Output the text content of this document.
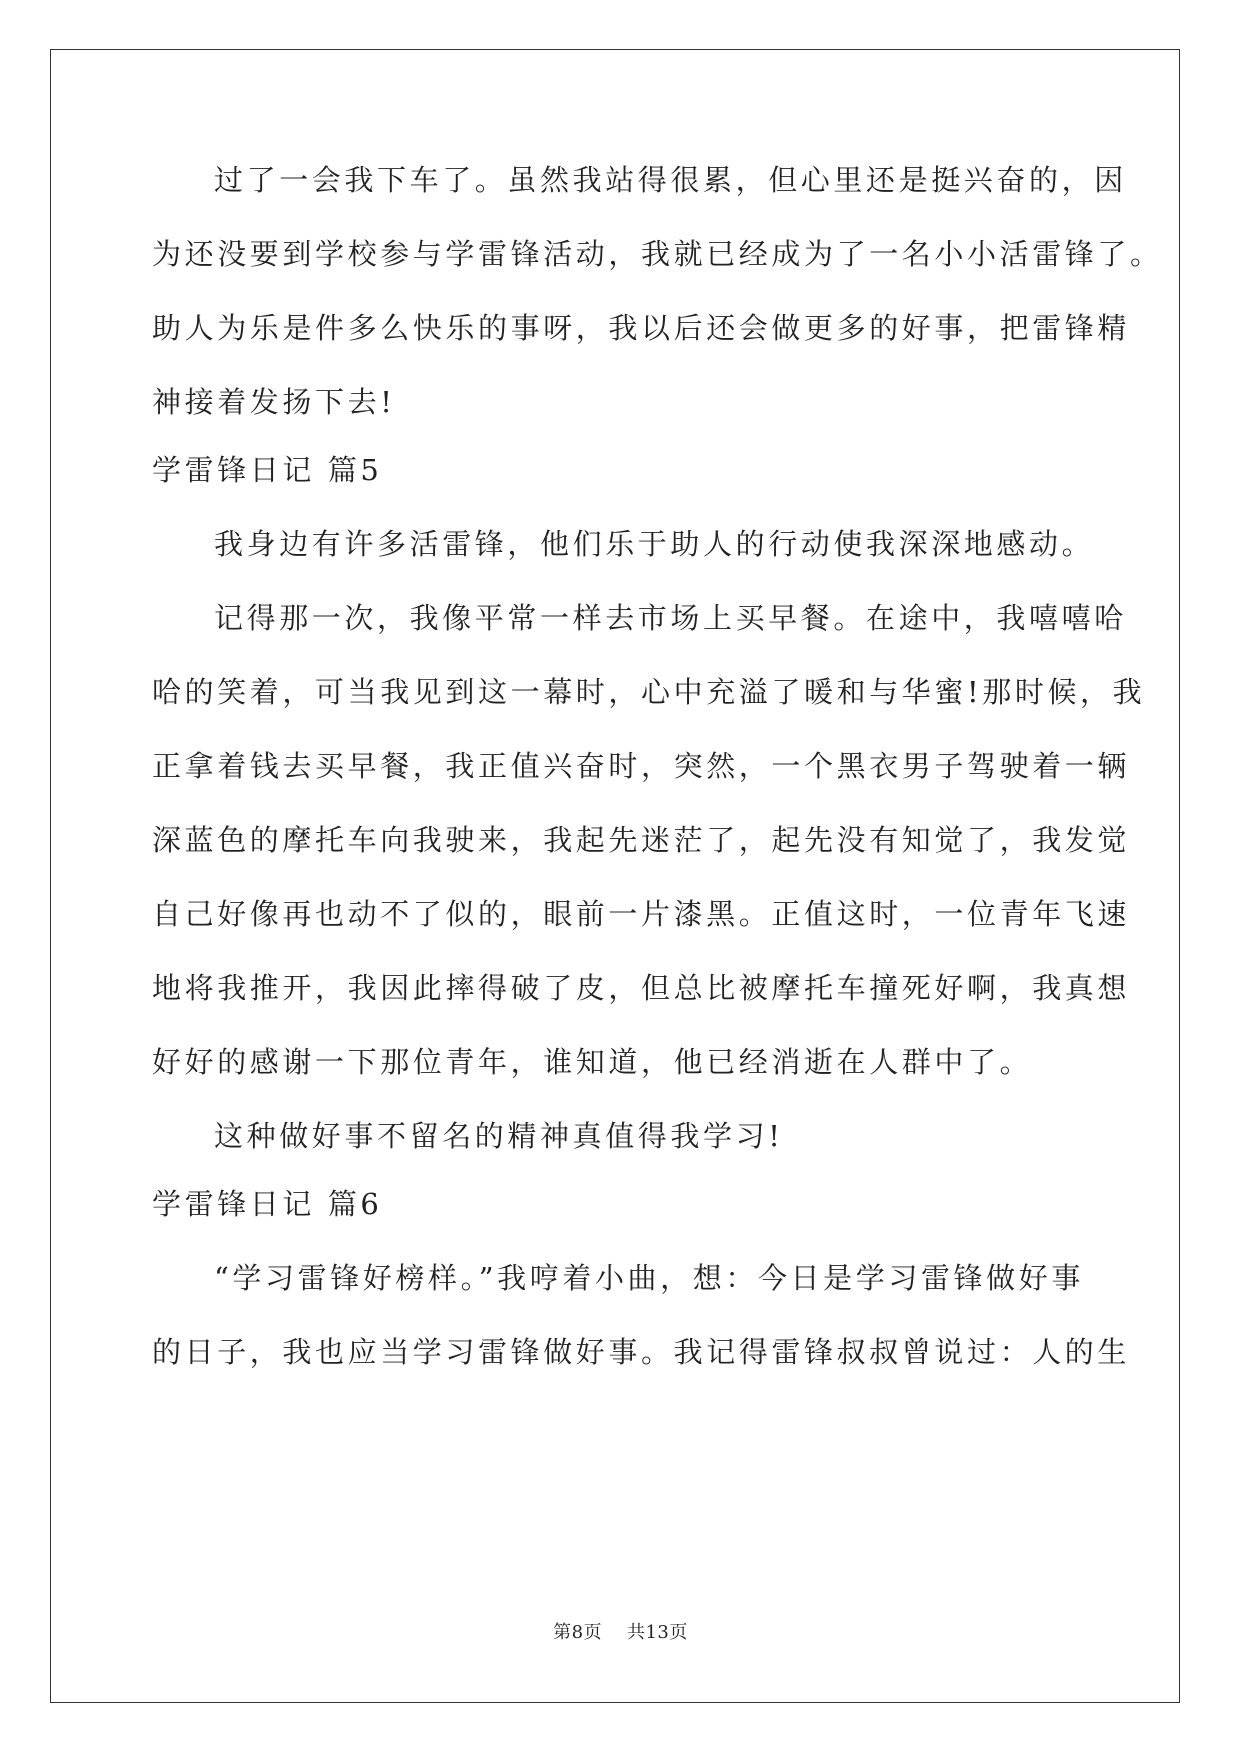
过了一会我下车了。虽然我站得很累，但心里还是挺兴奋的，因
为还没要到学校参与学雷锋活动，我就已经成为了一名小小活雷锋了。
助人为乐是件多么快乐的事呀，我以后还会做更多的好事，把雷锋精
神接着发扬下去!
学雷锋日记 篇5
我身边有许多活雷锋，他们乐于助人的行动使我深深地感动。
记得那一次，我像平常一样去市场上买早餐。在途中，我嘻嘻哈
哈的笑着，可当我见到这一幕时，心中充溢了暖和与华蜜!那时候，我
正拿着钱去买早餐，我正值兴奋时，突然，一个黑衣男子驾驶着一辆
深蓝色的摩托车向我驶来，我起先迷茫了，起先没有知觉了，我发觉
自己好像再也动不了似的，眼前一片漆黑。正值这时，一位青年飞速
地将我推开，我因此摔得破了皮，但总比被摩托车撞死好啊，我真想
好好的感谢一下那位青年，谁知道，他已经消逝在人群中了。
这种做好事不留名的精神真值得我学习!
学雷锋日记 篇6
“学习雷锋好榜样。”我哼着小曲，想：今日是学习雷锋做好事
的日子，我也应当学习雷锋做好事。我记得雷锋叔叔曾说过：人的生
第8页    共13页
